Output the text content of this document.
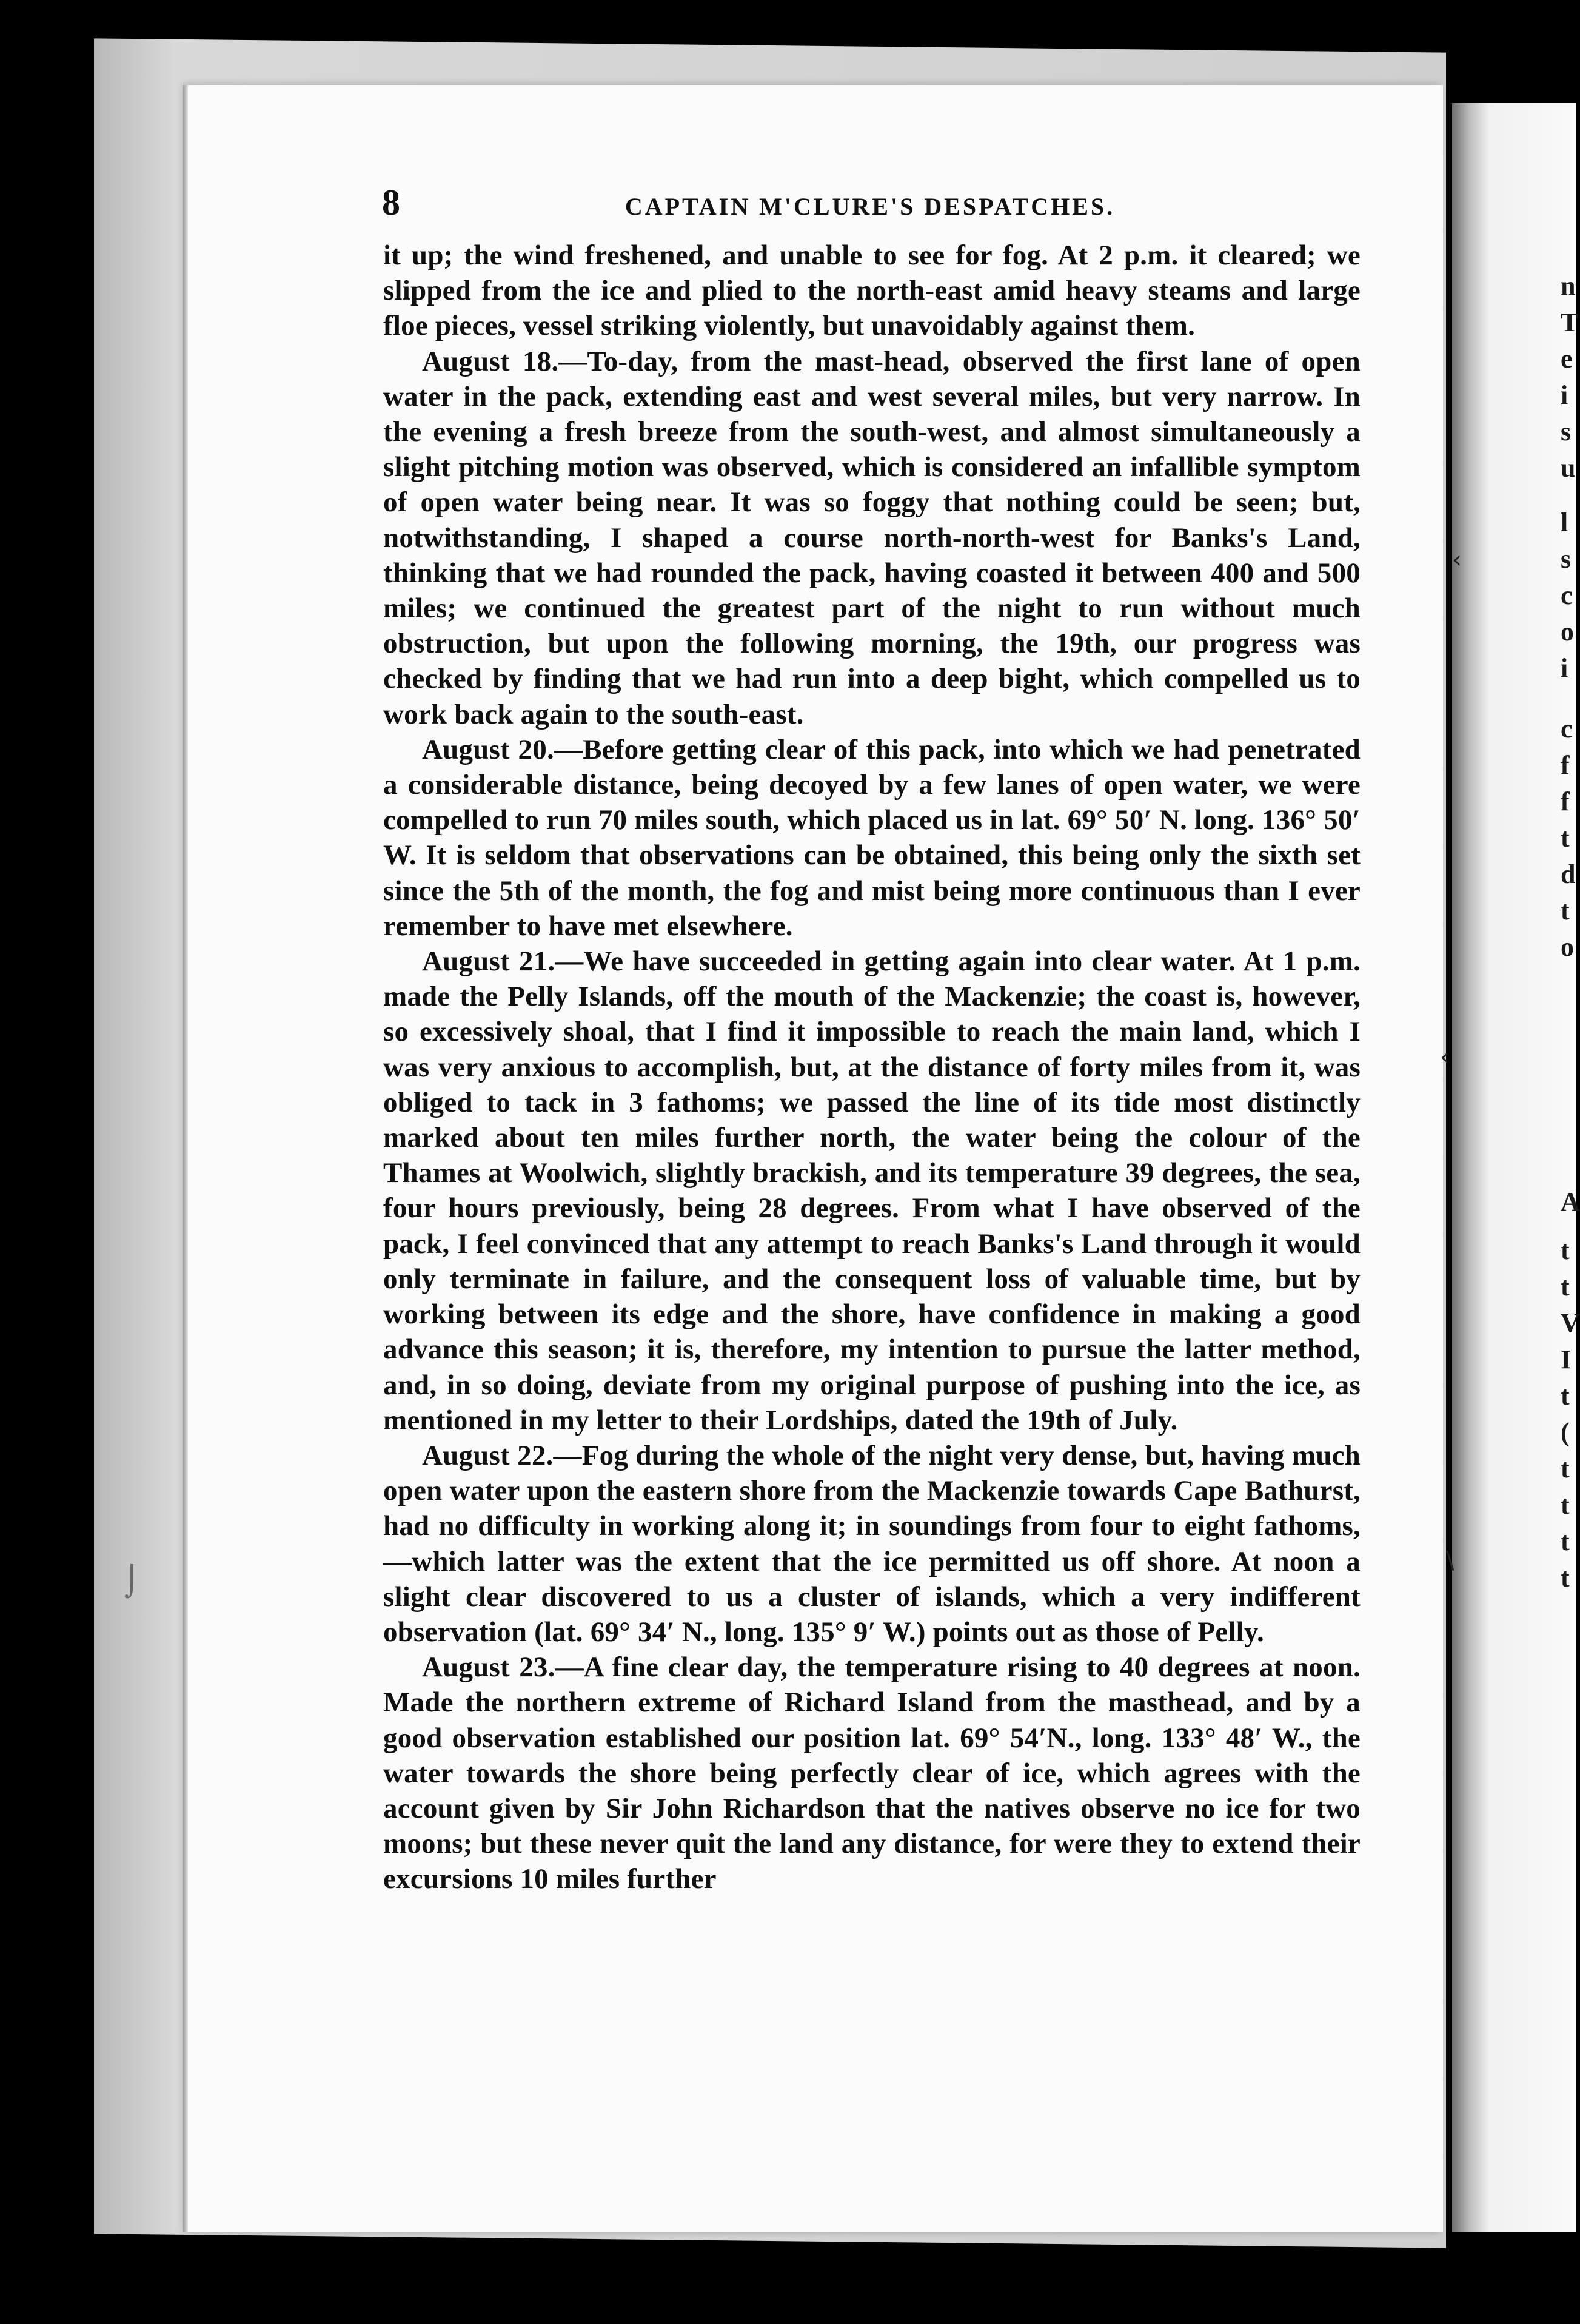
n
T
e
i
s
u
l
s
c
o
i
c
f
f
t
d
t
o
A
t
t
V
I
t
(
t
t
t
t
8	CAPTAIN M'CLURE'S DESPATCHES.

it up; the wind freshened, and unable to see for fog. At 2 p.m. it cleared; we slipped from the ice and plied to the north-east amid heavy steams and large floe pieces, vessel striking violently, but unavoidably against them.

August 18.—To-day, from the mast-head, observed the first lane of open water in the pack, extending east and west several miles, but very narrow. In the evening a fresh breeze from the south-west, and almost simultaneously a slight pitching motion was observed, which is considered an infallible symptom of open water being near. It was so foggy that nothing could be seen; but, notwithstanding, I shaped a course north-north-west for Banks's Land, thinking that we had rounded the pack, having coasted it between 400 and 500 miles; we continued the greatest part of the night to run without much obstruction, but upon the following morning, the 19th, our progress was checked by finding that we had run into a deep bight, which compelled us to work back again to the south-east.

August 20.—Before getting clear of this pack, into which we had penetrated a considerable distance, being decoyed by a few lanes of open water, we were compelled to run 70 miles south, which placed us in lat. 69° 50′ N. long. 136° 50′ W. It is seldom that observations can be obtained, this being only the sixth set since the 5th of the month, the fog and mist being more continuous than I ever remember to have met elsewhere.

August 21.—We have succeeded in getting again into clear water. At 1 p.m. made the Pelly Islands, off the mouth of the Mackenzie; the coast is, however, so excessively shoal, that I find it impossible to reach the main land, which I was very anxious to accomplish, but, at the distance of forty miles from it, was obliged to tack in 3 fathoms; we passed the line of its tide most distinctly marked about ten miles further north, the water being the colour of the Thames at Woolwich, slightly brackish, and its temperature 39 degrees, the sea, four hours previously, being 28 degrees. From what I have observed of the pack, I feel convinced that any attempt to reach Banks's Land through it would only terminate in failure, and the consequent loss of valuable time, but by working between its edge and the shore, have confidence in making a good advance this season; it is, therefore, my intention to pursue the latter method, and, in so doing, deviate from my original purpose of pushing into the ice, as mentioned in my letter to their Lordships, dated the 19th of July.

August 22.—Fog during the whole of the night very dense, but, having much open water upon the eastern shore from the Mackenzie towards Cape Bathurst, had no difficulty in working along it; in soundings from four to eight fathoms,—which latter was the extent that the ice permitted us off shore. At noon a slight clear discovered to us a cluster of islands, which a very indifferent observation (lat. 69° 34′ N., long. 135° 9′ W.) points out as those of Pelly.

August 23.—A fine clear day, the temperature rising to 40 degrees at noon. Made the northern extreme of Richard Island from the masthead, and by a good observation established our position lat. 69° 54′N., long. 133° 48′ W., the water towards the shore being perfectly clear of ice, which agrees with the account given by Sir John Richardson that the natives observe no ice for two moons; but these never quit the land any distance, for were they to extend their excursions 10 miles further

⌡
‹
‹
\
